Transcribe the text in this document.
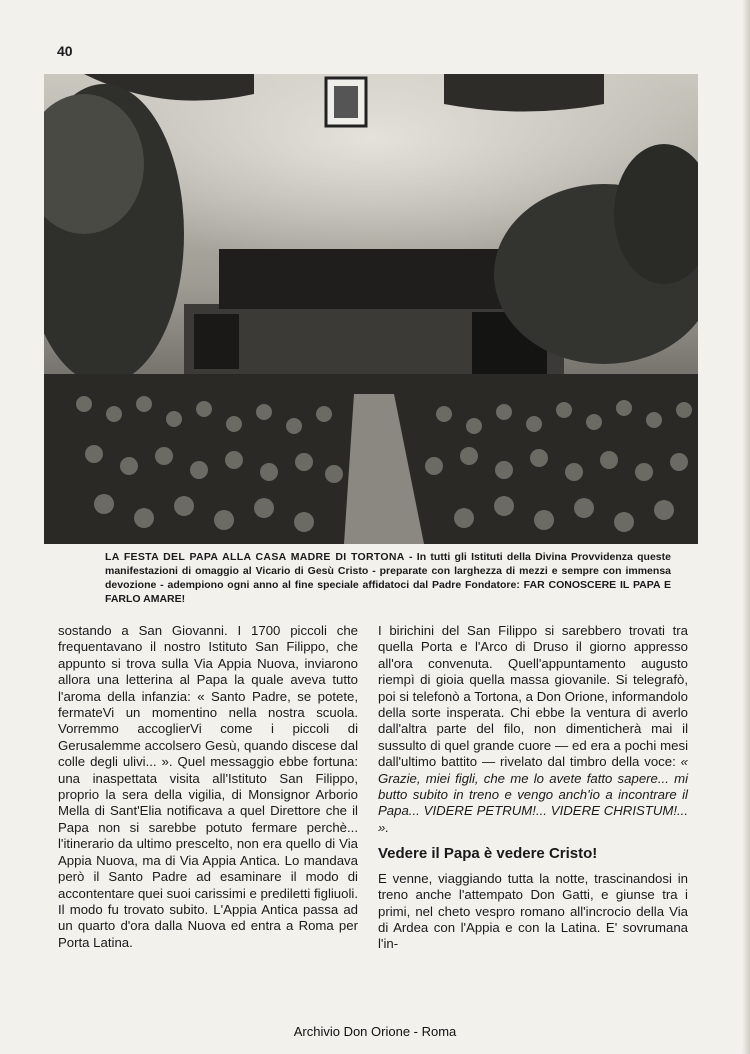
40
LA FESTA DEL PAPA ALLA CASA MADRE DI TORTONA - In tutti gli Istituti della Divina Provvidenza queste manifestazioni di omaggio al Vicario di Gesù Cristo - preparate con larghezza di mezzi e sempre con immensa devozione - adempiono ogni anno al fine speciale affidatoci dal Padre Fondatore: FAR CONOSCERE IL PAPA E FARLO AMARE!

sostando a San Giovanni. I 1700 piccoli che frequentavano il nostro Istituto San Filippo, che appunto si trova sulla Via Appia Nuova, inviarono allora una letterina al Papa la quale aveva tutto l'aroma della infanzia: « Santo Padre, se potete, fermateVi un momentino nella nostra scuola. Vorremmo accoglierVi come i piccoli di Gerusalemme accolsero Gesù, quando discese dal colle degli ulivi... ». Quel messaggio ebbe fortuna: una inaspettata visita all'Istituto San Filippo, proprio la sera della vigilia, di Monsignor Arborio Mella di Sant'Elia notificava a quel Direttore che il Papa non si sarebbe potuto fermare perchè... l'itinerario da ultimo prescelto, non era quello di Via Appia Nuova, ma di Via Appia Antica. Lo mandava però il Santo Padre ad esaminare il modo di accontentare quei suoi carissimi e prediletti figliuoli. Il modo fu trovato subito. L'Appia Antica passa ad un quarto d'ora dalla Nuova ed entra a Roma per Porta Latina.

I birichini del San Filippo si sarebbero trovati tra quella Porta e l'Arco di Druso il giorno appresso all'ora convenuta. Quell'appuntamento augusto riempì di gioia quella massa giovanile. Si telegrafò, poi si telefonò a Tortona, a Don Orione, informandolo della sorte insperata. Chi ebbe la ventura di averlo dall'altra parte del filo, non dimenticherà mai il sussulto di quel grande cuore — ed era a pochi mesi dall'ultimo battito — rivelato dal timbro della voce: « Grazie, miei figli, che me lo avete fatto sapere... mi butto subito in treno e vengo anch'io a incontrare il Papa... VIDERE PETRUM!... VIDERE CHRISTUM!... ».

Vedere il Papa è vedere Cristo!

E venne, viaggiando tutta la notte, trascinandosi in treno anche l'attempato Don Gatti, e giunse tra i primi, nel cheto vespro romano all'incrocio della Via di Ardea con l'Appia e con la Latina. E' sovrumana l'in-

Archivio Don Orione - Roma
